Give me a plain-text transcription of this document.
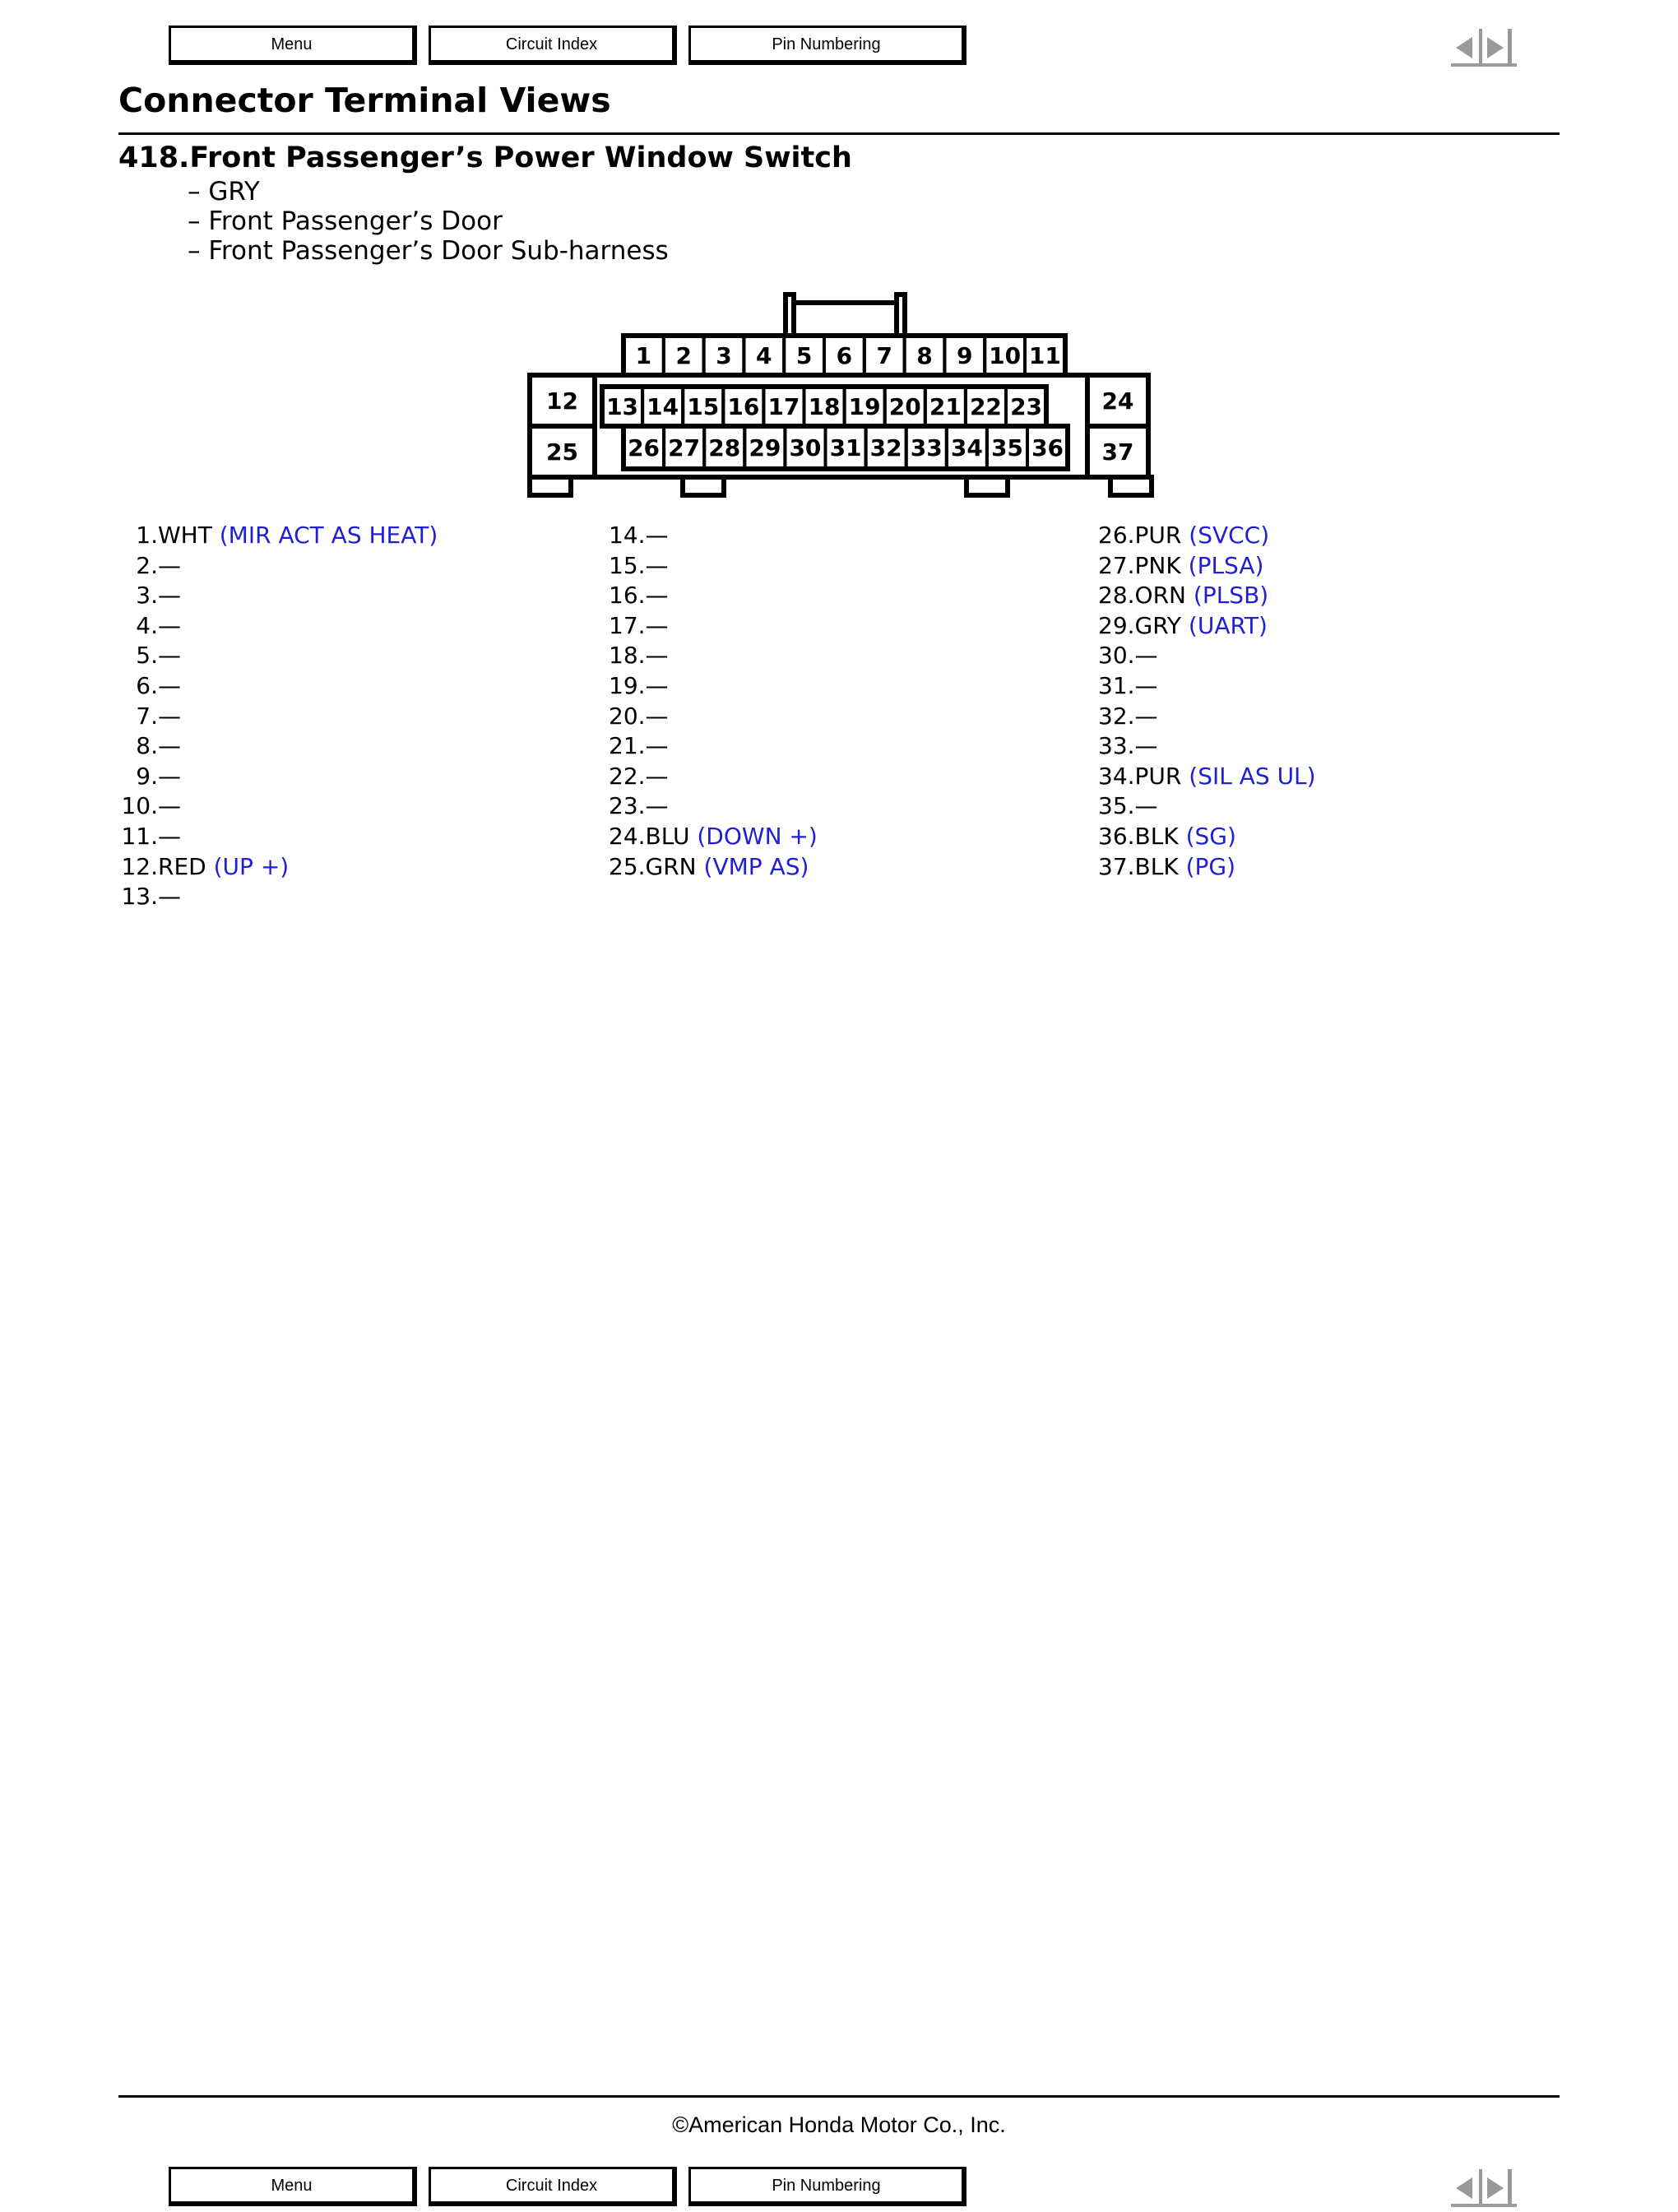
Menu	Circuit Index	Pin Numbering
Connector Terminal Views
418.Front Passenger’s Power Window Switch
– GRY
– Front Passenger’s Door
– Front Passenger’s Door Sub-harness
1 2 3 4 5 6 7 8 9 10 11
13 14 15 16 17 18 19 20 21 22 23
26 27 28 29 30 31 32 33 34 35 36
12
25
24
37
1.WHT (MIR ACT AS HEAT)
2.—
3.—
4.—
5.—
6.—
7.—
8.—
9.—
10.—
11.—
12.RED (UP +)
13.—
14.—
15.—
16.—
17.—
18.—
19.—
20.—
21.—
22.—
23.—
24.BLU (DOWN +)
25.GRN (VMP AS)
26.PUR (SVCC)
27.PNK (PLSA)
28.ORN (PLSB)
29.GRY (UART)
30.—
31.—
32.—
33.—
34.PUR (SIL AS UL)
35.—
36.BLK (SG)
37.BLK (PG)
©American Honda Motor Co., Inc.
Menu	Circuit Index	Pin Numbering
